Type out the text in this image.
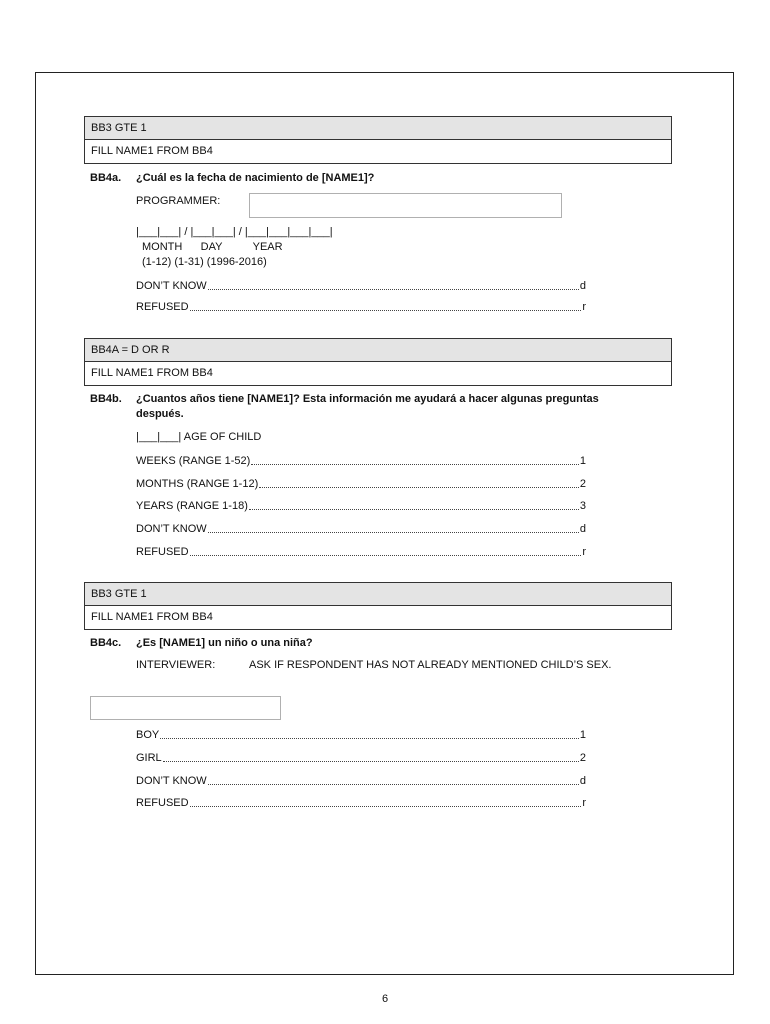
BB3 GTE 1
FILL NAME1 FROM BB4
BB4a. ¿Cuál es la fecha de nacimiento de [NAME1]?
PROGRAMMER:
|___|___| / |___|___| / |___|___|___|___|
MONTH      DAY          YEAR
(1-12) (1-31) (1996-2016)
DON’T KNOW	d
REFUSED	r
BB4A = D OR R
FILL NAME1 FROM BB4
BB4b. ¿Cuantos años tiene [NAME1]? Esta información me ayudará a hacer algunas preguntas
después.
|___|___| AGE OF CHILD
WEEKS (RANGE 1-52)	1
MONTHS (RANGE 1-12)	2
YEARS (RANGE 1-18)	3
DON’T KNOW	d
REFUSED	r
BB3 GTE 1
FILL NAME1 FROM BB4
BB4c. ¿Es [NAME1] un niño o una niña?
INTERVIEWER:	ASK IF RESPONDENT HAS NOT ALREADY MENTIONED CHILD’S SEX.
BOY	1
GIRL	2
DON’T KNOW	d
REFUSED	r
6
